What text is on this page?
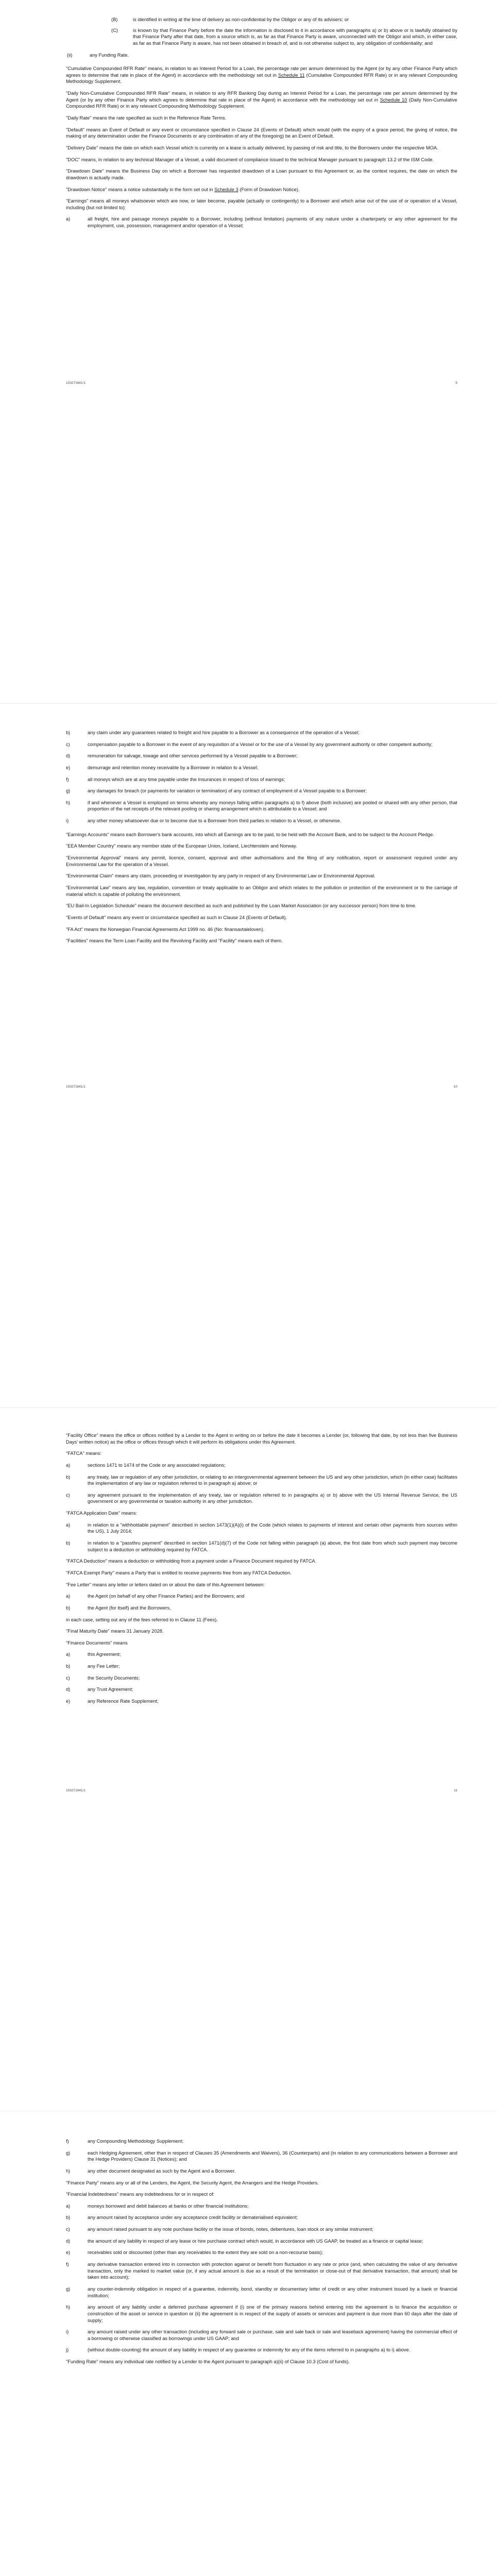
(B)	is identified in writing at the time of delivery as non-confidential by the Obligor or any of its advisers; or
(C)	is known by that Finance Party before the date the information is disclosed to it in accordance with paragraphs a) or b) above or is lawfully obtained by that Finance Party after that date, from a source which is, as far as that Finance Party is aware, unconnected with the Obligor and which, in either case, as far as that Finance Party is aware, has not been obtained in breach of, and is not otherwise subject to, any obligation of confidentiality; and
(ii)	any Funding Rate.

"Cumulative Compounded RFR Rate" means, in relation to an Interest Period for a Loan, the percentage rate per annum determined by the Agent (or by any other Finance Party which agrees to determine that rate in place of the Agent) in accordance with the methodology set out in Schedule 11 (Cumulative Compounded RFR Rate) or in any relevant Compounding Methodology Supplement.

"Daily Non-Cumulative Compounded RFR Rate" means, in relation to any RFR Banking Day during an Interest Period for a Loan, the percentage rate per annum determined by the Agent (or by any other Finance Party which agrees to determine that rate in place of the Agent) in accordance with the methodology set out in Schedule 10 (Daily Non-Cumulative Compounded RFR Rate) or in any relevant Compounding Methodology Supplement.

"Daily Rate" means the rate specified as such in the Reference Rate Terms.

"Default" means an Event of Default or any event or circumstance specified in Clause 24 (Events of Default) which would (with the expiry of a grace period, the giving of notice, the making of any determination under the Finance Documents or any combination of any of the foregoing) be an Event of Default.

"Delivery Date" means the date on which each Vessel which is currently on a lease is actually delivered, by passing of risk and title, to the Borrowers under the respective MOA.

"DOC" means, in relation to any technical Manager of a Vessel, a valid document of compliance issued to the technical Manager pursuant to paragraph 13.2 of the ISM Code.

"Drawdown Date" means the Business Day on which a Borrower has requested drawdown of a Loan pursuant to this Agreement or, as the context requires, the date on which the drawdown is actually made.

"Drawdown Notice" means a notice substantially in the form set out in Schedule 3 (Form of Drawdown Notice).

"Earnings" means all moneys whatsoever which are now, or later become, payable (actually or contingently) to a Borrower and which arise out of the use of or operation of a Vessel, including (but not limited to):

a)	all freight, hire and passage moneys payable to a Borrower, including (without limitation) payments of any nature under a charterparty or any other agreement for the employment, use, possession, management and/or operation of a Vessel;
103271641/1	9
b)	any claim under any guarantees related to freight and hire payable to a Borrower as a consequence of the operation of a Vessel;
c)	compensation payable to a Borrower in the event of any requisition of a Vessel or for the use of a Vessel by any government authority or other competent authority;
d)	remuneration for salvage, towage and other services performed by a Vessel payable to a Borrower;
e)	demurrage and retention money receivable by a Borrower in relation to a Vessel;
f)	all moneys which are at any time payable under the Insurances in respect of loss of earnings;
g)	any damages for breach (or payments for variation or termination) of any contract of employment of a Vessel payable to a Borrower;
h)	if and whenever a Vessel is employed on terms whereby any moneys falling within paragraphs a) to f) above (both inclusive) are pooled or shared with any other person, that proportion of the net receipts of the relevant pooling or sharing arrangement which is attributable to a Vessel; and
i)	any other money whatsoever due or to become due to a Borrower from third parties in relation to a Vessel, or otherwise.

"Earnings Accounts" means each Borrower's bank accounts, into which all Earnings are to be paid, to be held with the Account Bank, and to be subject to the Account Pledge.

"EEA Member Country" means any member state of the European Union, Iceland, Liechtenstein and Norway.

"Environmental Approval" means any permit, licence, consent, approval and other authorisations and the filing of any notification, report or assessment required under any Environmental Law for the operation of a Vessel.

"Environmental Claim" means any claim, proceeding or investigation by any party in respect of any Environmental Law or Environmental Approval.

"Environmental Law" means any law, regulation, convention or treaty applicable to an Obligor and which relates to the pollution or protection of the environment or to the carriage of material which is capable of polluting the environment.

"EU Bail-In Legislation Schedule" means the document described as such and published by the Loan Market Association (or any successor person) from time to time.

"Events of Default" means any event or circumstance specified as such in Clause 24 (Events of Default).

"FA Act" means the Norwegian Financial Agreements Act 1999 no. 46 (No: finansavtaleloven).

"Facilities" means the Term Loan Facility and the Revolving Facility and "Facility" means each of them.

103271641/1	10

"Facility Office" means the office or offices notified by a Lender to the Agent in writing on or before the date it becomes a Lender (or, following that date, by not less than five Business Days' written notice) as the office or offices through which it will perform its obligations under this Agreement.

"FATCA" means:

a)	sections 1471 to 1474 of the Code or any associated regulations;
b)	any treaty, law or regulation of any other jurisdiction, or relating to an intergovernmental agreement between the US and any other jurisdiction, which (in either case) facilitates the implementation of any law or regulation referred to in paragraph a) above; or
c)	any agreement pursuant to the implementation of any treaty, law or regulation referred to in paragraphs a) or b) above with the US Internal Revenue Service, the US government or any governmental or taxation authority in any other jurisdiction.

"FATCA Application Date" means:

a)	in relation to a "withholdable payment" described in section 1473(1)(A)(i) of the Code (which relates to payments of interest and certain other payments from sources within the US), 1 July 2014;
b)	in relation to a "passthru payment" described in section 1471(d)(7) of the Code not falling within paragraph (a) above, the first date from which such payment may become subject to a deduction or withholding required by FATCA.

"FATCA Deduction" means a deduction or withholding from a payment under a Finance Document required by FATCA.

"FATCA Exempt Party" means a Party that is entitled to receive payments free from any FATCA Deduction.

"Fee Letter" means any letter or letters dated on or about the date of this Agreement between:

a)	the Agent (on behalf of any other Finance Parties) and the Borrowers; and
b)	the Agent (for itself) and the Borrowers,

in each case, setting out any of the fees referred to in Clause 11 (Fees).

"Final Maturity Date" means 31 January 2028.

"Finance Documents" means

a)	this Agreement;
b)	any Fee Letter;
c)	the Security Documents;
d)	any Trust Agreement;
e)	any Reference Rate Supplement;
103271641/1	11
f)	any Compounding Methodology Supplement;
g)	each Hedging Agreement, other than in respect of Clauses 35 (Amendments and Waivers), 36 (Counterparts) and (in relation to any communications between a Borrower and the Hedge Providers) Clause 31 (Notices); and
h)	any other document designated as such by the Agent and a Borrower.

"Finance Party" means any or all of the Lenders, the Agent, the Security Agent, the Arrangers and the Hedge Providers.

"Financial Indebtedness" means any indebtedness for or in respect of:

a)	moneys borrowed and debit balances at banks or other financial institutions;
b)	any amount raised by acceptance under any acceptance credit facility or dematerialised equivalent;
c)	any amount raised pursuant to any note purchase facility or the issue of bonds, notes, debentures, loan stock or any similar instrument;
d)	the amount of any liability in respect of any lease or hire purchase contract which would, in accordance with US GAAP, be treated as a finance or capital lease;
e)	receivables sold or discounted (other than any receivables to the extent they are sold on a non-recourse basis);
f)	any derivative transaction entered into in connection with protection against or benefit from fluctuation in any rate or price (and, when calculating the value of any derivative transaction, only the marked to market value (or, if any actual amount is due as a result of the termination or close-out of that derivative transaction, that amount) shall be taken into account);
g)	any counter-indemnity obligation in respect of a guarantee, indemnity, bond, standby or documentary letter of credit or any other instrument issued by a bank or financial institution;
h)	any amount of any liability under a deferred purchase agreement if (i) one of the primary reasons behind entering into the agreement is to finance the acquisition or construction of the asset or service in question or (ii) the agreement is in respect of the supply of assets or services and payment is due more than 60 days after the date of supply;
i)	any amount raised under any other transaction (including any forward sale or purchase, sale and sale back or sale and leaseback agreement) having the commercial effect of a borrowing or otherwise classified as borrowings under US GAAP; and
j)	(without double-counting) the amount of any liability in respect of any guarantee or indemnity for any of the items referred to in paragraphs a) to i) above.

"Funding Rate" means any individual rate notified by a Lender to the Agent pursuant to paragraph a)(ii) of Clause 10.3 (Cost of funds).
